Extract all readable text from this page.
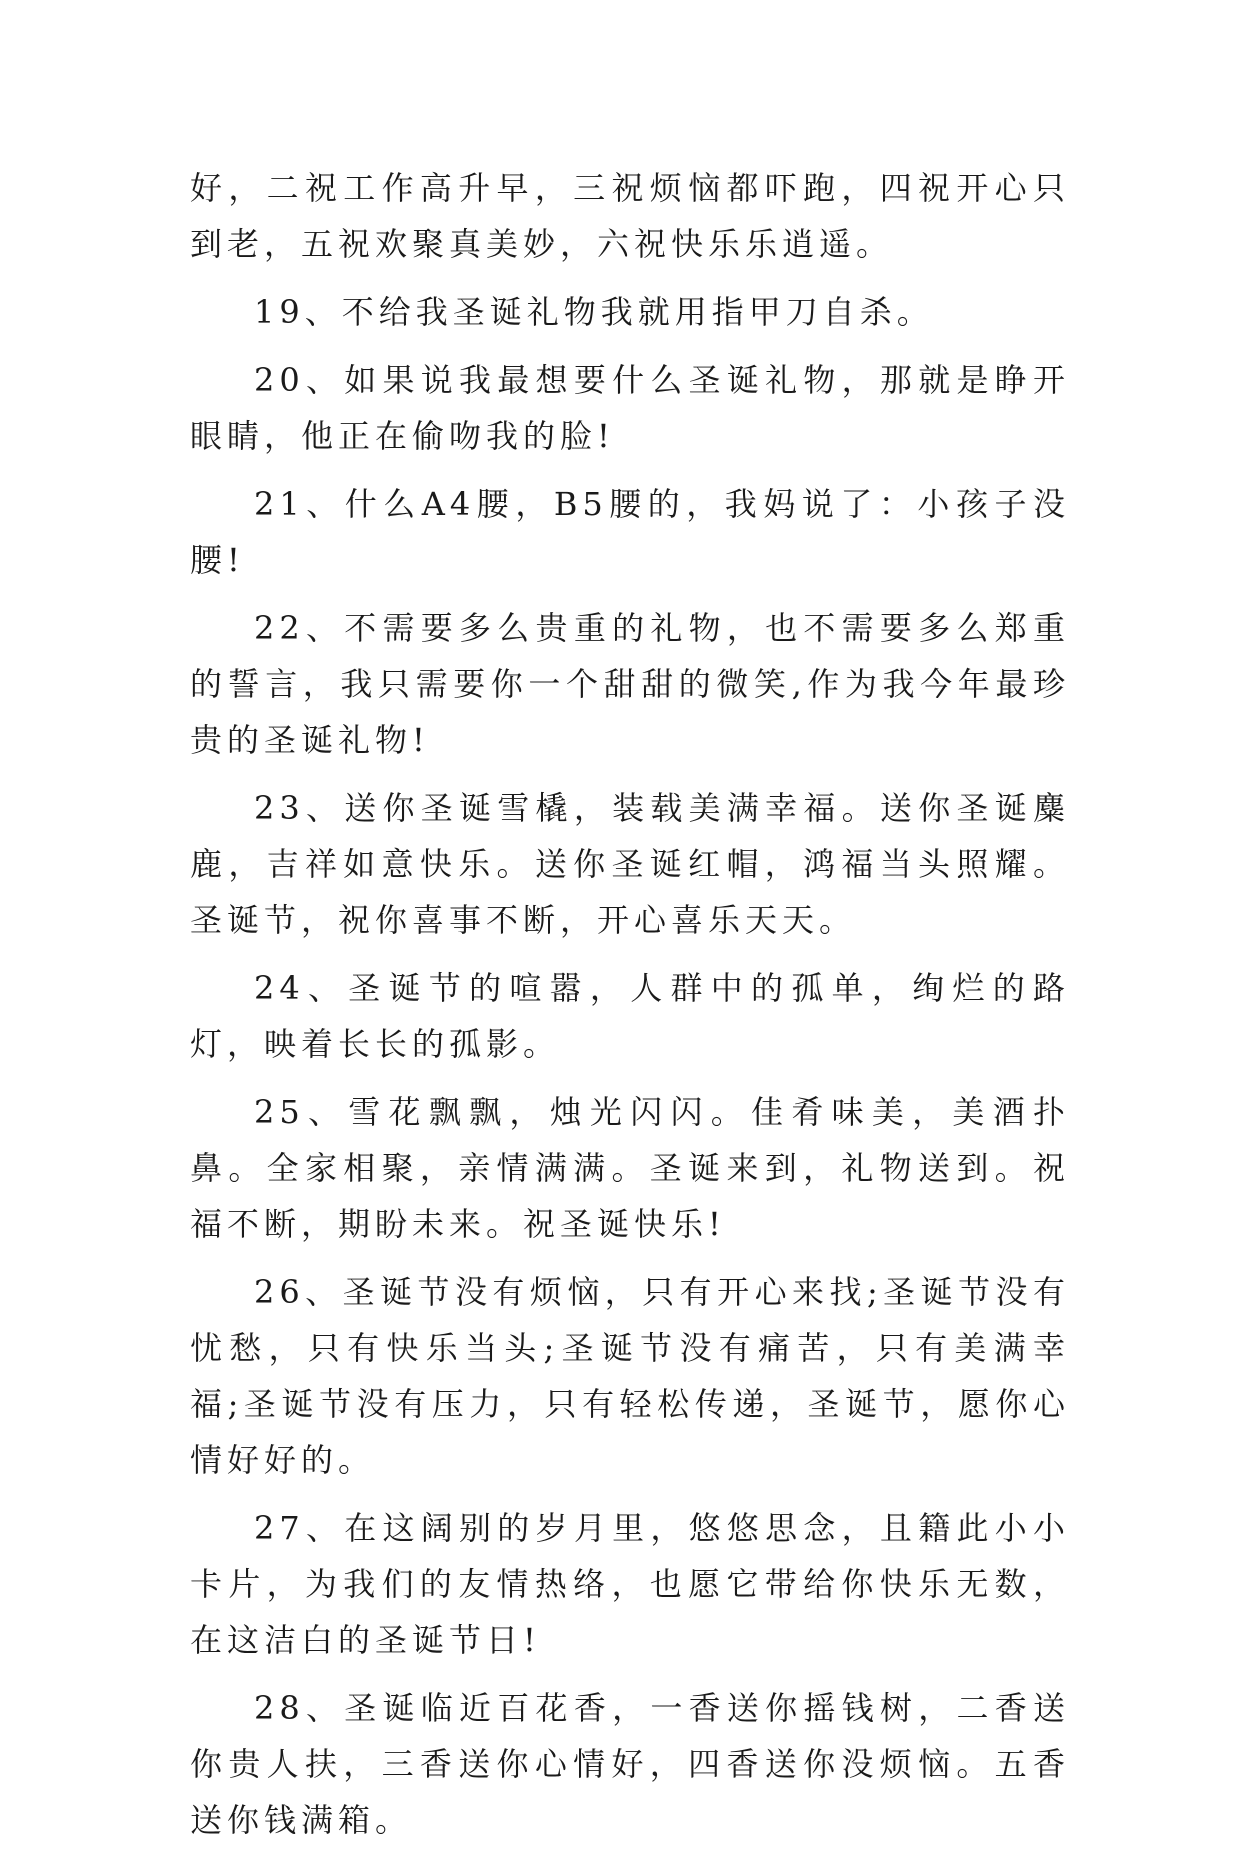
好，二祝工作高升早，三祝烦恼都吓跑，四祝开心只到老，五祝欢聚真美妙，六祝快乐乐逍遥。

19、不给我圣诞礼物我就用指甲刀自杀。

20、如果说我最想要什么圣诞礼物，那就是睁开眼睛，他正在偷吻我的脸!

21、什么A4腰，B5腰的，我妈说了：小孩子没腰!

22、不需要多么贵重的礼物，也不需要多么郑重的誓言，我只需要你一个甜甜的微笑,作为我今年最珍贵的圣诞礼物!

23、送你圣诞雪橇，装载美满幸福。送你圣诞麋鹿，吉祥如意快乐。送你圣诞红帽，鸿福当头照耀。圣诞节，祝你喜事不断，开心喜乐天天。

24、圣诞节的喧嚣，人群中的孤单，绚烂的路灯，映着长长的孤影。

25、雪花飘飘，烛光闪闪。佳肴味美，美酒扑鼻。全家相聚，亲情满满。圣诞来到，礼物送到。祝福不断，期盼未来。祝圣诞快乐!

26、圣诞节没有烦恼，只有开心来找;圣诞节没有忧愁，只有快乐当头;圣诞节没有痛苦，只有美满幸福;圣诞节没有压力，只有轻松传递，圣诞节，愿你心情好好的。

27、在这阔别的岁月里，悠悠思念，且籍此小小卡片，为我们的友情热络，也愿它带给你快乐无数，在这洁白的圣诞节日!

28、圣诞临近百花香，一香送你摇钱树，二香送你贵人扶，三香送你心情好，四香送你没烦恼。五香送你钱满箱。
